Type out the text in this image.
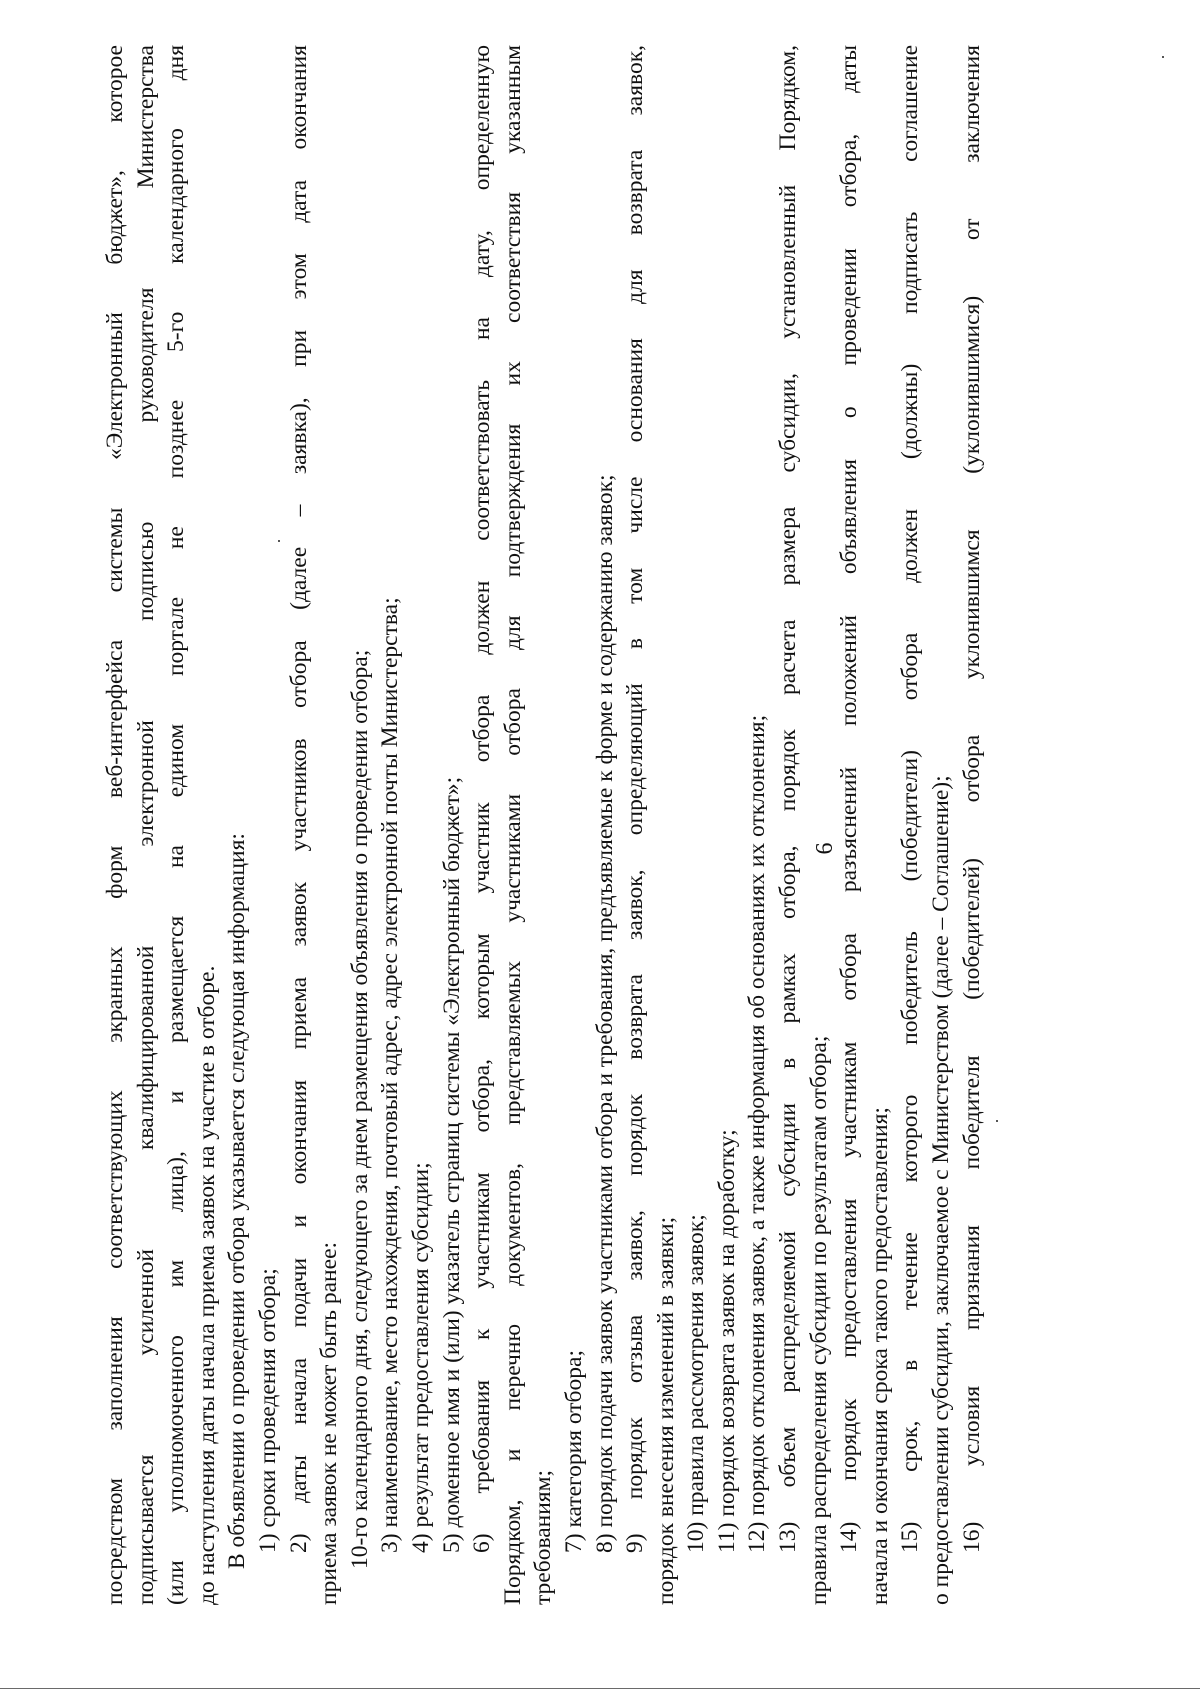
6

посредством заполнения соответствующих экранных форм веб-интерфейса системы «Электронный бюджет», которое подписывается усиленной квалифицированной электронной подписью руководителя Министерства (или уполномоченного им лица), и размещается на едином портале не позднее 5-го календарного дня до наступления даты начала приема заявок на участие в отборе. В объявлении о проведении отбора указывается следующая информация: 1) сроки проведения отбора; 2) даты начала подачи и окончания приема заявок участников отбора (далее – заявка), при этом дата окончания приема заявок не может быть ранее: 10-го календарного дня, следующего за днем размещения объявления о проведении отбора; 3) наименование, место нахождения, почтовый адрес, адрес электронной почты Министерства; 4) результат предоставления субсидии; 5) доменное имя и (или) указатель страниц системы «Электронный бюджет»; 6) требования к участникам отбора, которым участник отбора должен соответствовать на дату, определенную Порядком, и перечню документов, представляемых участниками отбора для подтверждения их соответствия указанным требованиям; 7) категория отбора; 8) порядок подачи заявок участниками отбора и требования, предъявляемые к форме и содержанию заявок; 9) порядок отзыва заявок, порядок возврата заявок, определяющий в том числе основания для возврата заявок, порядок внесения изменений в заявки; 10) правила рассмотрения заявок; 11) порядок возврата заявок на доработку; 12) порядок отклонения заявок, а также информация об основаниях их отклонения; 13) объем распределяемой субсидии в рамках отбора, порядок расчета размера субсидии, установленный Порядком, правила распределения субсидии по результатам отбора; 14) порядок предоставления участникам отбора разъяснений положений объявления о проведении отбора, даты начала и окончания срока такого предоставления; 15) срок, в течение которого победитель (победители) отбора должен (должны) подписать соглашение о предоставлении субсидии, заключаемое с Министерством (далее – Соглашение); 16) условия признания победителя (победителей) отбора уклонившимся (уклонившимися) от заключения
